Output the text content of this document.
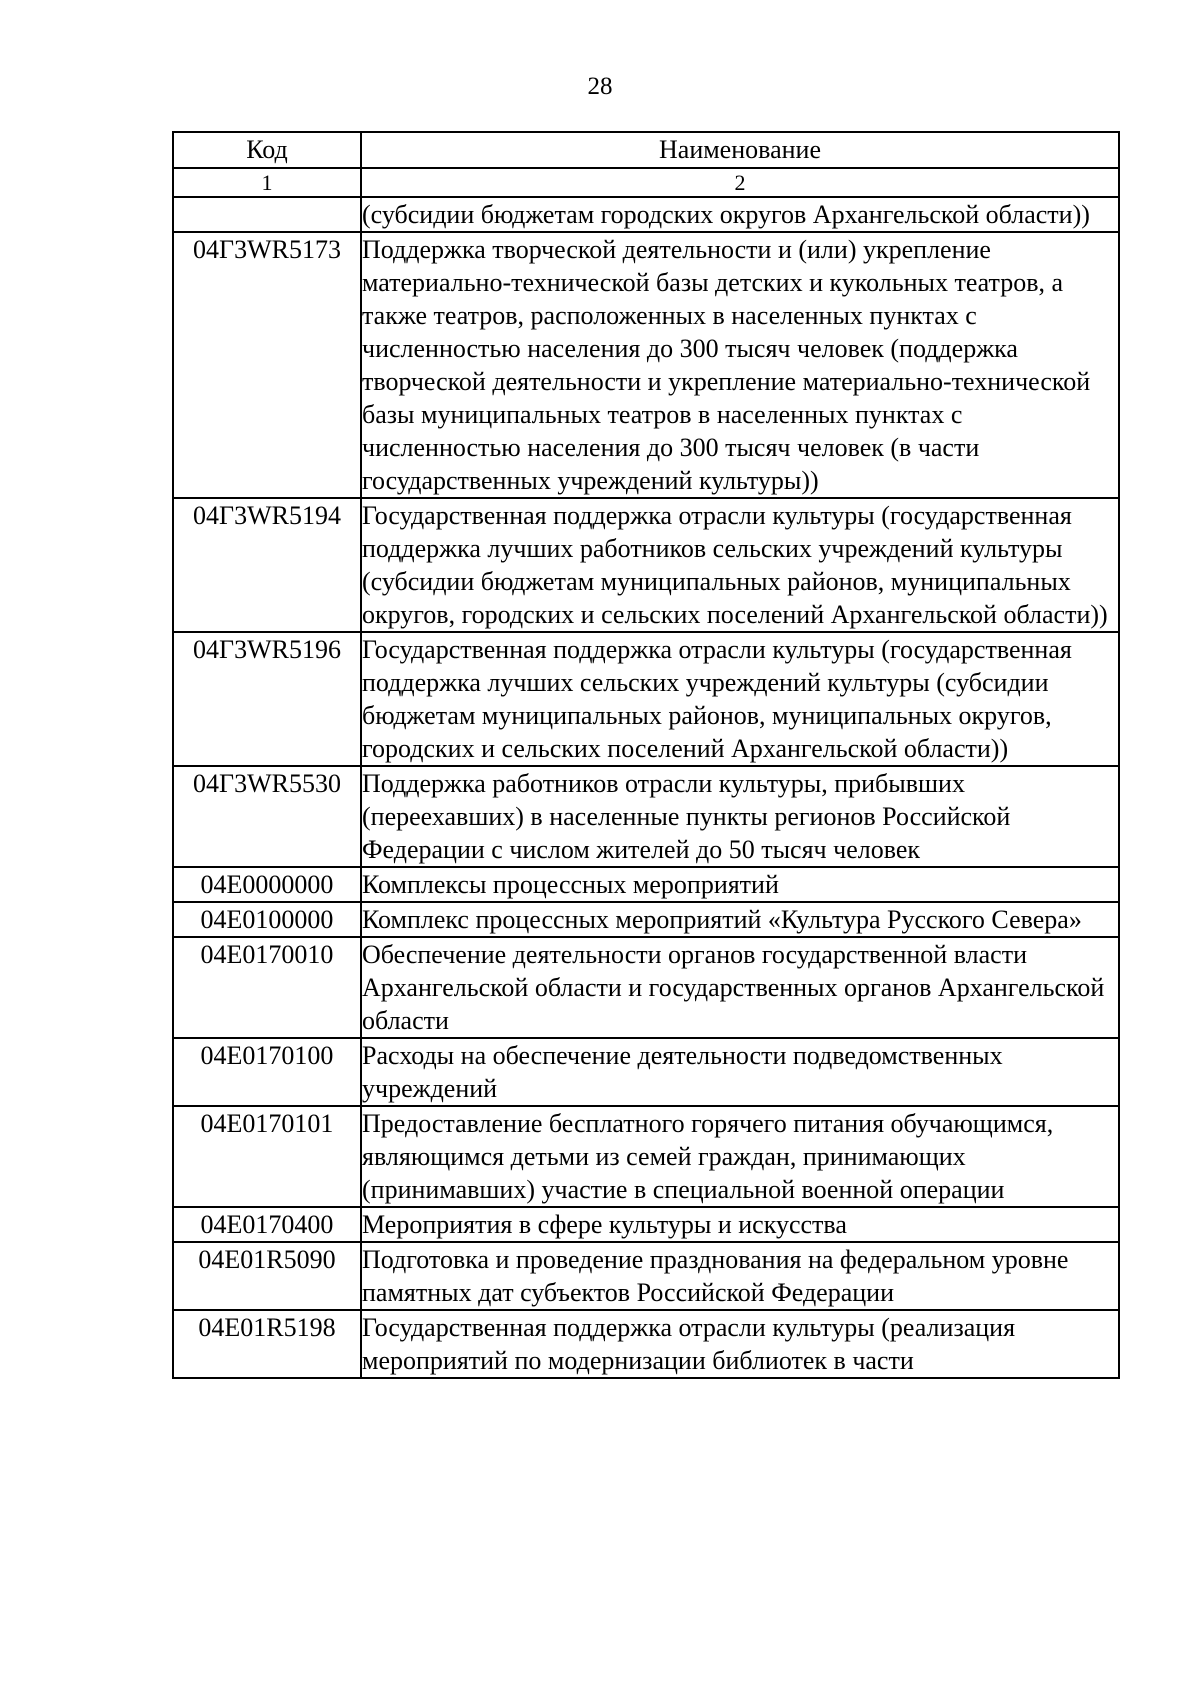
28
Код	Наименование
1	2
	(субсидии бюджетам городских округов Архангельской области))
04Г3WR5173	Поддержка творческой деятельности и (или) укрепление материально-технической базы детских и кукольных театров, а также театров, расположенных в населенных пунктах с численностью населения до 300 тысяч человек (поддержка творческой деятельности и укрепление материально-технической базы муниципальных театров в населенных пунктах с численностью населения до 300 тысяч человек (в части государственных учреждений культуры))
04Г3WR5194	Государственная поддержка отрасли культуры (государственная поддержка лучших работников сельских учреждений культуры (субсидии бюджетам муниципальных районов, муниципальных округов, городских и сельских поселений Архангельской области))
04Г3WR5196	Государственная поддержка отрасли культуры (государственная поддержка лучших сельских учреждений культуры (субсидии бюджетам муниципальных районов, муниципальных округов, городских и сельских поселений Архангельской области))
04Г3WR5530	Поддержка работников отрасли культуры, прибывших (переехавших) в населенные пункты регионов Российской Федерации с числом жителей до 50 тысяч человек
04Е0000000	Комплексы процессных мероприятий
04Е0100000	Комплекс процессных мероприятий «Культура Русского Севера»
04Е0170010	Обеспечение деятельности органов государственной власти Архангельской области и государственных органов Архангельской области
04Е0170100	Расходы на обеспечение деятельности подведомственных учреждений
04Е0170101	Предоставление бесплатного горячего питания обучающимся, являющимся детьми из семей граждан, принимающих (принимавших) участие в специальной военной операции
04Е0170400	Мероприятия в сфере культуры и искусства
04Е01R5090	Подготовка и проведение празднования на федеральном уровне памятных дат субъектов Российской Федерации
04Е01R5198	Государственная поддержка отрасли культуры (реализация мероприятий по модернизации библиотек в части
